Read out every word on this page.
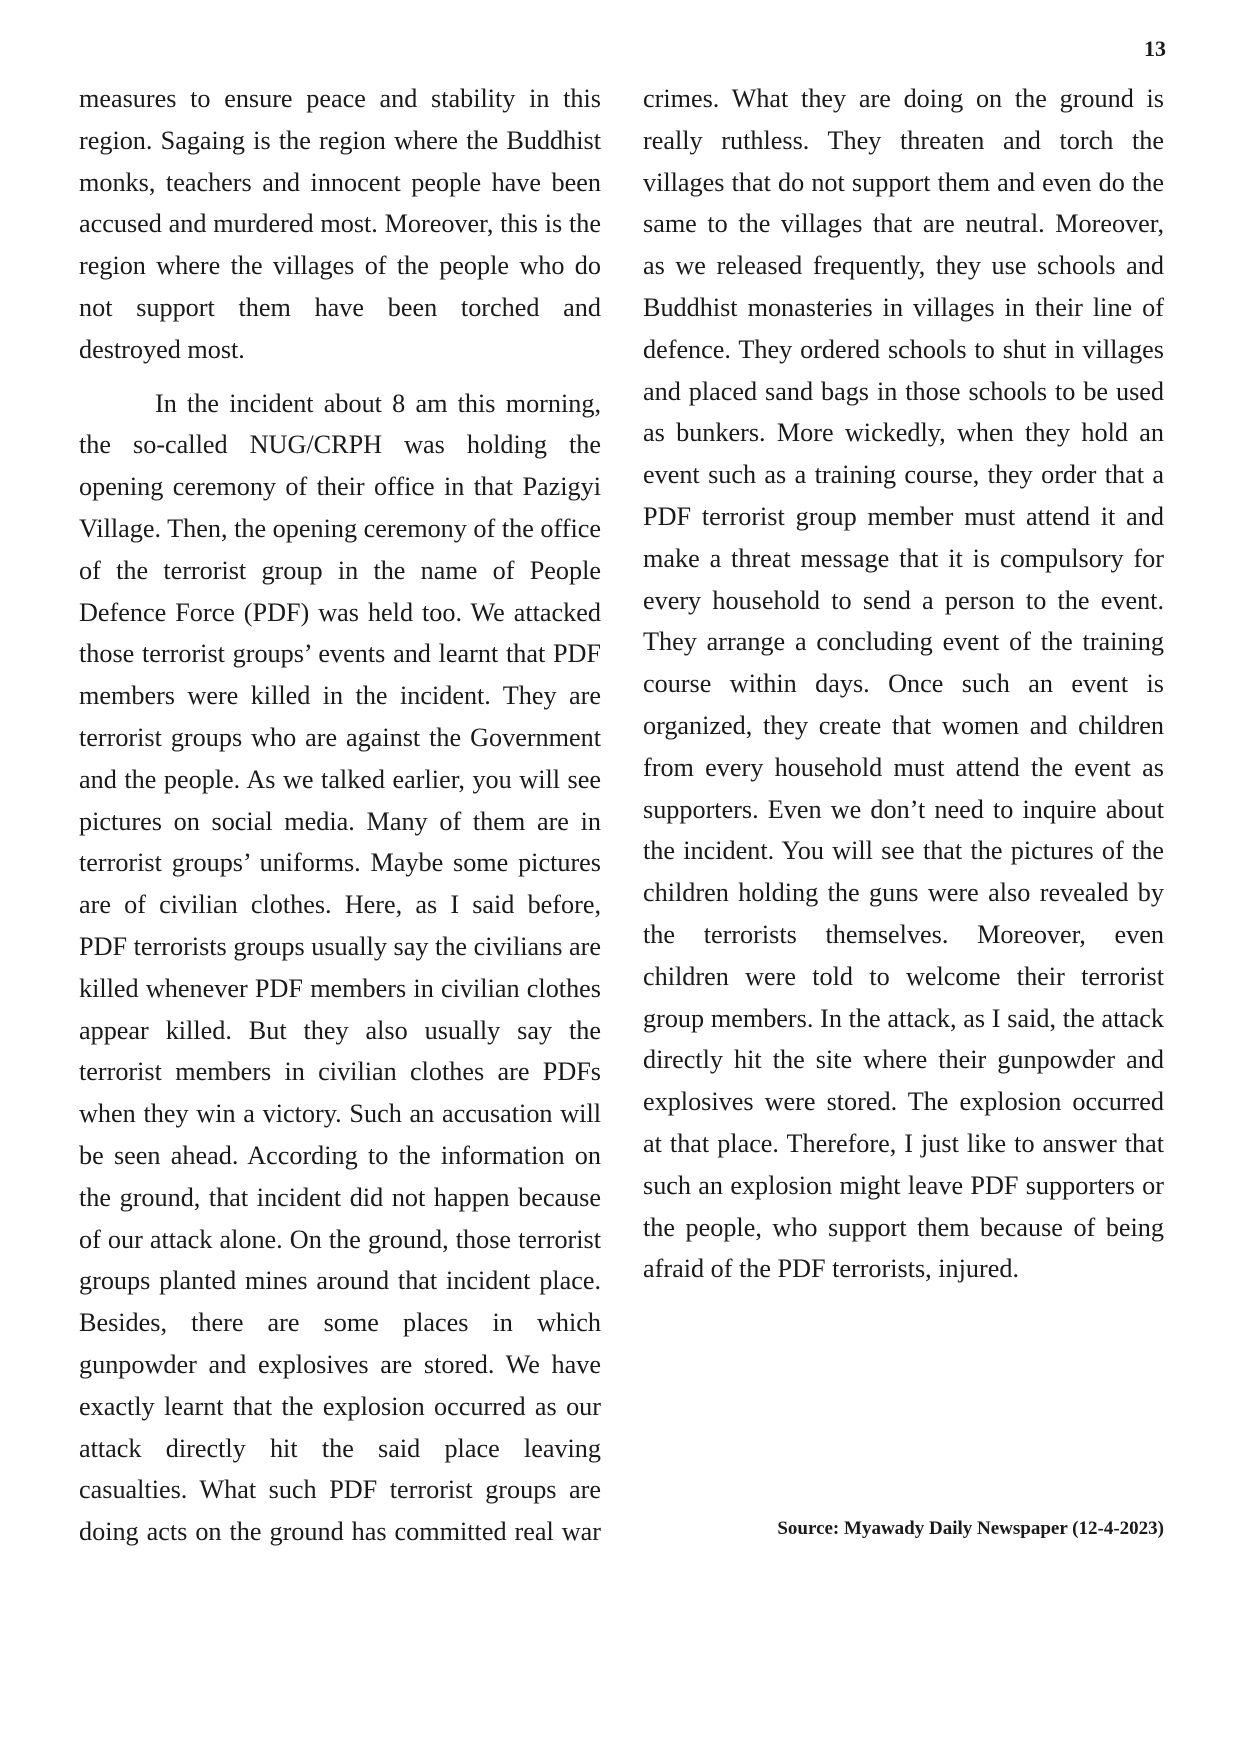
13

measures to ensure peace and stability in this region. Sagaing is the region where the Buddhist monks, teachers and innocent people have been accused and murdered most. Moreover, this is the region where the villages of the people who do not support them have been torched and destroyed most.

In the incident about 8 am this morning, the so-called NUG/CRPH was holding the opening ceremony of their office in that Pazigyi Village. Then, the opening ceremony of the office of the terrorist group in the name of People Defence Force (PDF) was held too. We attacked those terrorist groups’ events and learnt that PDF members were killed in the incident. They are terrorist groups who are against the Government and the people. As we talked earlier, you will see pictures on social media. Many of them are in terrorist groups’ uniforms. Maybe some pictures are of civilian clothes. Here, as I said before, PDF terrorists groups usually say the civilians are killed whenever PDF members in civilian clothes appear killed. But they also usually say the terrorist members in civilian clothes are PDFs when they win a victory. Such an accusation will be seen ahead. According to the information on the ground, that incident did not happen because of our attack alone. On the ground, those terrorist groups planted mines around that incident place. Besides, there are some places in which gunpowder and explosives are stored. We have exactly learnt that the explosion occurred as our attack directly hit the said place leaving casualties. What such PDF terrorist groups are doing acts on the ground has committed real war

crimes. What they are doing on the ground is really ruthless. They threaten and torch the villages that do not support them and even do the same to the villages that are neutral. Moreover, as we released frequently, they use schools and Buddhist monasteries in villages in their line of defence. They ordered schools to shut in villages and placed sand bags in those schools to be used as bunkers. More wickedly, when they hold an event such as a training course, they order that a PDF terrorist group member must attend it and make a threat message that it is compulsory for every household to send a person to the event. They arrange a concluding event of the training course within days. Once such an event is organized, they create that women and children from every household must attend the event as supporters. Even we don’t need to inquire about the incident. You will see that the pictures of the children holding the guns were also revealed by the terrorists themselves. Moreover, even children were told to welcome their terrorist group members. In the attack, as I said, the attack directly hit the site where their gunpowder and explosives were stored. The explosion occurred at that place. Therefore, I just like to answer that such an explosion might leave PDF supporters or the people, who support them because of being afraid of the PDF terrorists, injured.

Source: Myawady Daily Newspaper (12-4-2023)
